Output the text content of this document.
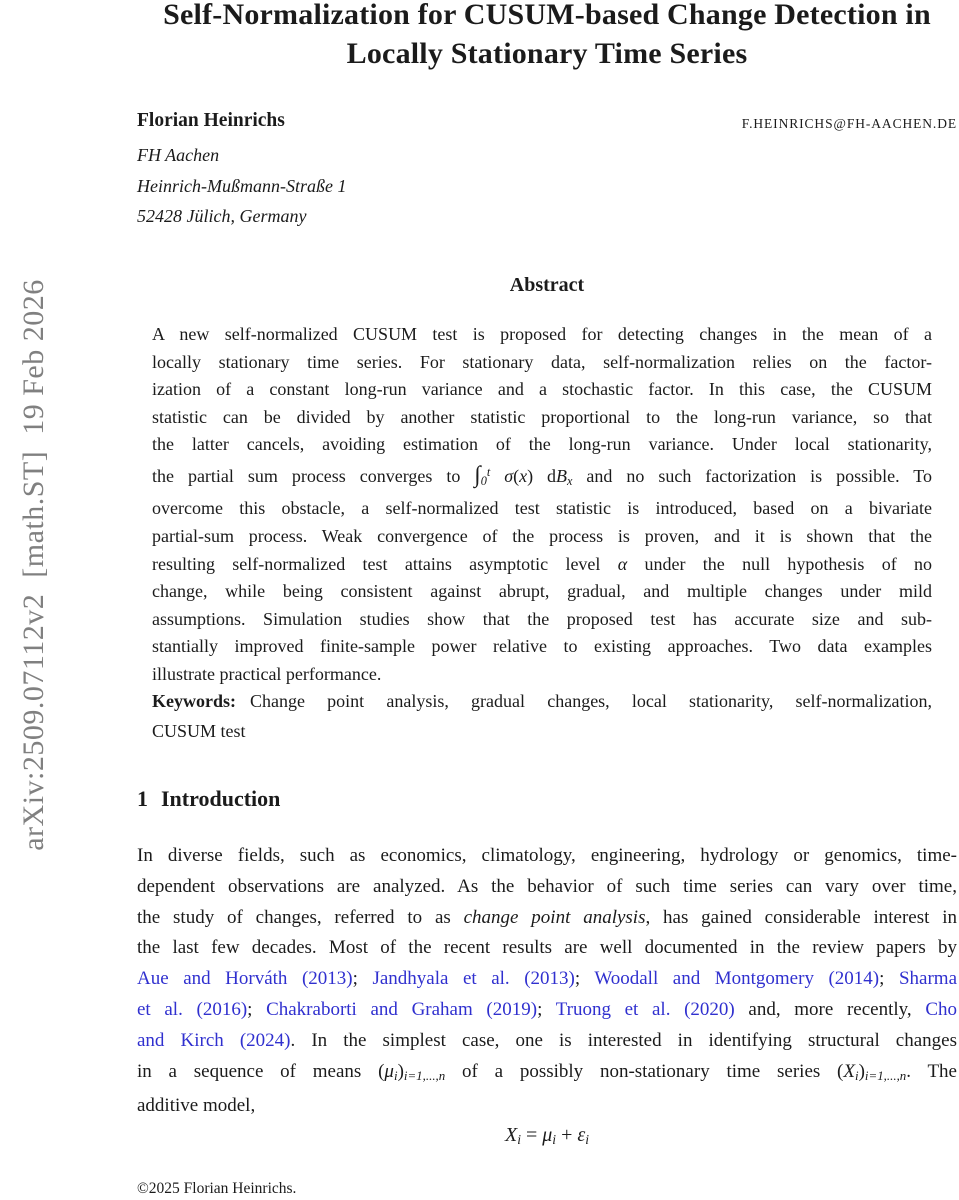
arXiv:2509.07112v2  [math.ST]  19 Feb 2026
Self-Normalization for CUSUM-based Change Detection in
Locally Stationary Time Series
F.HEINRICHS@FH-AACHEN.DE
Florian Heinrichs
FH Aachen
Heinrich-Mußmann-Straße 1
52428 Jülich, Germany
Abstract
A new self-normalized CUSUM test is proposed for detecting changes in the mean of a
locally stationary time series. For stationary data, self-normalization relies on the factor-
ization of a constant long-run variance and a stochastic factor. In this case, the CUSUM
statistic can be divided by another statistic proportional to the long-run variance, so that
the latter cancels, avoiding estimation of the long-run variance. Under local stationarity,
the partial sum process converges to ∫0$^t$ σ(x) dBx and no such factorization is possible. To
overcome this obstacle, a self-normalized test statistic is introduced, based on a bivariate
partial-sum process. Weak convergence of the process is proven, and it is shown that the
resulting self-normalized test attains asymptotic level α under the null hypothesis of no
change, while being consistent against abrupt, gradual, and multiple changes under mild
assumptions. Simulation studies show that the proposed test has accurate size and sub-
stantially improved finite-sample power relative to existing approaches. Two data examples
illustrate practical performance.
Keywords: Change point analysis, gradual changes, local stationarity, self-normalization,
CUSUM test
1 Introduction
In diverse fields, such as economics, climatology, engineering, hydrology or genomics, time-
dependent observations are analyzed. As the behavior of such time series can vary over time,
the study of changes, referred to as change point analysis, has gained considerable interest in
the last few decades. Most of the recent results are well documented in the review papers by
Aue and Horváth (2013); Jandhyala et al. (2013); Woodall and Montgomery (2014); Sharma
et al. (2016); Chakraborti and Graham (2019); Truong et al. (2020) and, more recently, Cho
and Kirch (2024). In the simplest case, one is interested in identifying structural changes
in a sequence of means (μi)i=1,...,n of a possibly non-stationary time series (Xi)i=1,...,n. The
additive model,
Xi = μi + εi
©2025 Florian Heinrichs.
